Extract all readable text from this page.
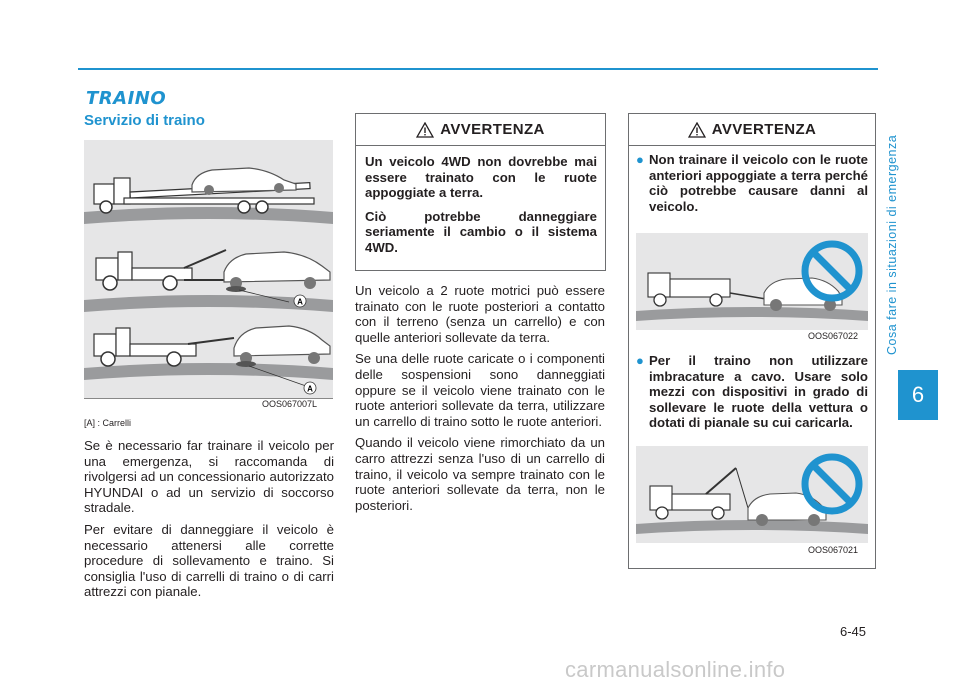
TRAINO
Servizio di traino
A
A
OOS067007L
[A] : Carrelli

Se è necessario far trainare il veicolo per una emergenza, si raccomanda di rivolgersi ad un concessionario autorizzato HYUNDAI o ad un servizio di soccorso stradale.

Per evitare di danneggiare il veicolo è necessario attenersi alle corrette procedure di sollevamento e traino. Si consiglia l'uso di carrelli di traino o di carri attrezzi con pianale.

AVVERTENZA

Un veicolo 4WD non dovrebbe mai essere trainato con le ruote appoggiate a terra.

Ciò potrebbe danneggiare seriamente il cambio o il sistema 4WD.

Un veicolo a 2 ruote motrici può essere trainato con le ruote posteriori a contatto con il terreno (senza un carrello) e con quelle anteriori sollevate da terra.

Se una delle ruote caricate o i componenti delle sospensioni sono danneggiati oppure se il veicolo viene trainato con le ruote anteriori sollevate da terra, utilizzare un carrello di traino sotto le ruote anteriori.

Quando il veicolo viene rimorchiato da un carro attrezzi senza l'uso di un carrello di traino, il veicolo va sempre trainato con le ruote anteriori sollevate da terra, non le posteriori.

AVVERTENZA
● Non trainare il veicolo con le ruote anteriori appoggiate a terra perché ciò potrebbe causare danni al veicolo.
OOS067022
● Per il traino non utilizzare imbracature a cavo. Usare solo mezzi con dispositivi in grado di sollevare le ruote della vettura o dotati di pianale su cui caricarla.
OOS067021
Cosa fare in situazioni di emergenza
6
6-45
carmanualsonline.info
